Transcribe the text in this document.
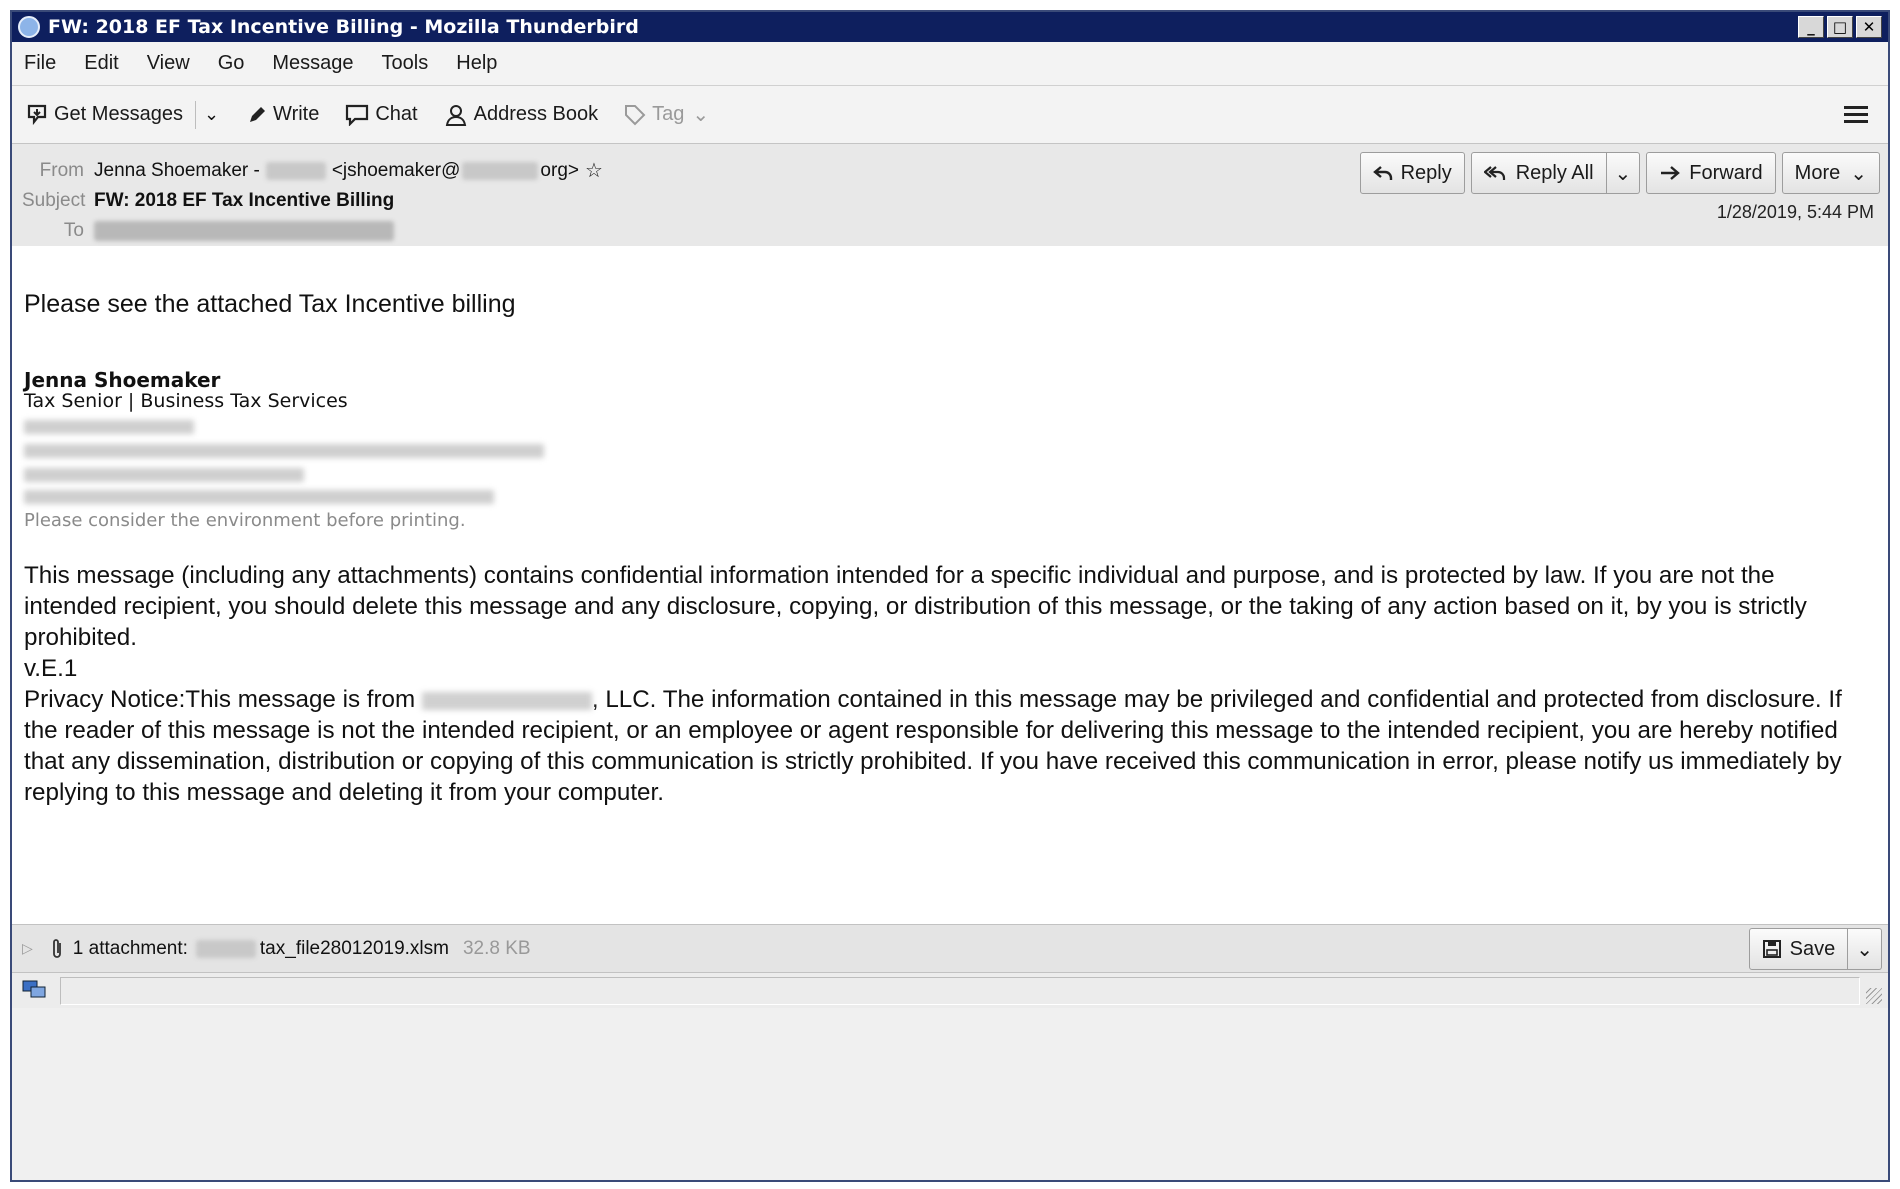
FW: 2018 EF Tax Incentive Billing - Mozilla Thunderbird	_	□	✕
File Edit View Go Message Tools Help
Get Messages ⌄	Write	Chat	Address Book	Tag ⌄
From Jenna Shoemaker -	<jshoemaker@	org> ☆
Subject FW: 2018 EF Tax Incentive Billing
To
Reply	Reply All	⌄	Forward More ⌄
1/28/2019, 5:44 PM
Please see the attached Tax Incentive billing
Jenna Shoemaker
Tax Senior | Business Tax Services
Please consider the environment before printing.

This message (including any attachments) contains confidential information intended for a specific individual and purpose, and is protected by law. If you are not the intended recipient, you should delete this message and any disclosure, copying, or distribution of this message, or the taking of any action based on it, by you is strictly prohibited.

v.E.1

Privacy Notice:This message is from	, LLC. The information contained in this message may be privileged and confidential and protected from disclosure. If the reader of this message is not the intended recipient, or an employee or agent responsible for delivering this message to the intended recipient, you are hereby notified that any dissemination, distribution or copying of this communication is strictly prohibited. If you have received this communication in error, please notify us immediately by replying to this message and deleting it from your computer.

▷ 1 attachment:	tax_file28012019.xlsm 32.8 KB	Save	⌄
